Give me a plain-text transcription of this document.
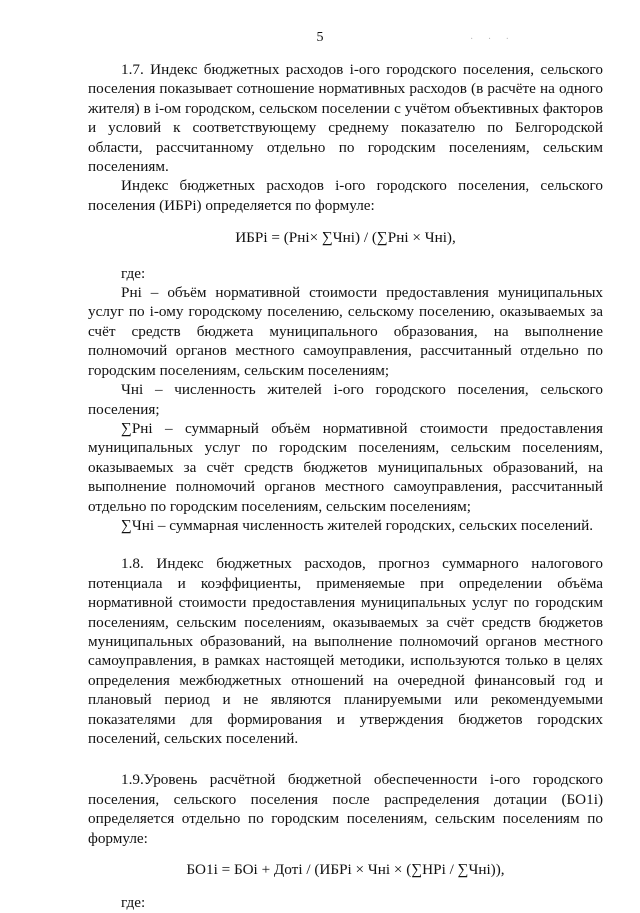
5	· · ·

1.7. Индекс бюджетных расходов i-ого городского поселения, сельского поселения показывает сотношение нормативных расходов (в расчёте на одного жителя) в i-ом городском, сельском поселении с учётом объективных факторов и условий к соответствующему среднему показателю по Белгородской области, рассчитанному отдельно по городским поселениям, сельским поселениям.

Индекс бюджетных расходов i-ого городского поселения, сельского поселения (ИБРi) определяется по формуле:

ИБРi = (Рнi× ∑Чнi) / (∑Рнi × Чнi),

где:

Рнi – объём нормативной стоимости предоставления муниципальных услуг по i-ому городскому поселению, сельскому поселению, оказываемых за счёт средств бюджета муниципального образования, на выполнение полномочий органов местного самоуправления, рассчитанный отдельно по городским поселениям, сельским поселениям;

Чнi – численность жителей i-ого городского поселения, сельского поселения;

∑Рнi – суммарный объём нормативной стоимости предоставления муниципальных услуг по городским поселениям, сельским поселениям, оказываемых за счёт средств бюджетов муниципальных образований, на выполнение полномочий органов местного самоуправления, рассчитанный отдельно по городским поселениям, сельским поселениям;

∑Чнi – суммарная численность жителей городских, сельских поселений.

1.8. Индекс бюджетных расходов, прогноз суммарного налогового потенциала и коэффициенты, применяемые при определении объёма нормативной стоимости предоставления муниципальных услуг по городским поселениям, сельским поселениям, оказываемых за счёт средств бюджетов муниципальных образований, на выполнение полномочий органов местного самоуправления, в рамках настоящей методики, используются только в целях определения межбюджетных отношений на очередной финансовый год и плановый период и не являются планируемыми или рекомендуемыми показателями для формирования и утверждения бюджетов городских поселений, сельских поселений.

1.9.Уровень расчётной бюджетной обеспеченности i-ого городского поселения, сельского поселения после распределения дотации (БО1i) определяется отдельно по городским поселениям, сельским поселениям по формуле:

БО1i = БОi + Дотi / (ИБРi × Чнi × (∑НРi / ∑Чнi)),

где:
